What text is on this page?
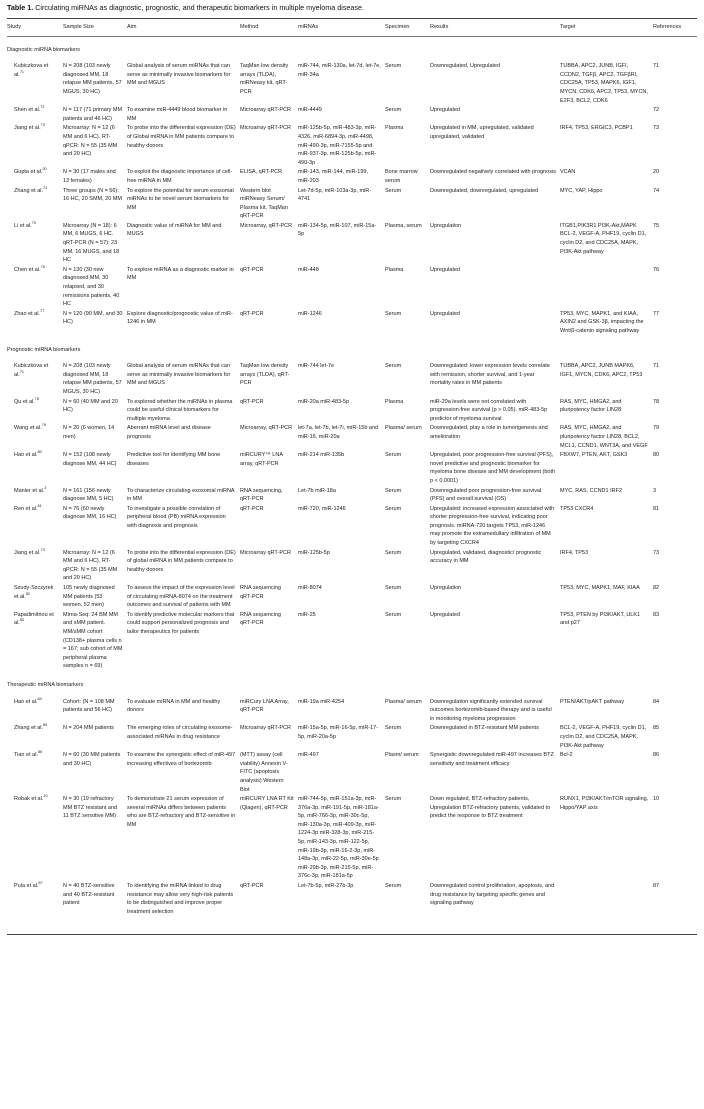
Table 1. Circulating miRNAs as diagnostic, prognostic, and therapeutic biomarkers in multiple myeloma disease.
Study	Sample Size	Aim	Method	miRNAs	Specimen	Results	Target	References
Diagnostic miRNA biomarkers								
Kubiczkova et al.$^{71}$	N = 208 (103 newly diagnosed MM, 18 relapse MM patients, 57 MGUS, 30 HC)	Global analysis of serum miRNAs that can serve as minimally invasive biomarkers for MM and MGUS	TaqMan low density arrays (TLDA), miRNeasy kit, qRT-PCR	miR-744, miR-130a, let-7d, let-7e, miR-34a	Serum	Downregulated, Upregulated	TUBBA, APC2, JUNB, IGFI, CCDN2, TGFβ, APC2, TGFβRI, CDC25A, TP53, MAPK6, IGF1, MYCN, CDK6, APC2, TP53, MYCN, E2F3, BCL2, CDK6	71
Shen et al.$^{72}$	N = 117 (71 primary MM patients and 46 HC)	To examine miR-4449 blood biomarker in MM	Microarray qRT-PCR	miR-4449	Serum	Upregulated		72
Jiang et al.$^{73}$	Microarray: N = 12 (6 MM and 6 HC). RT-qPCR: N = 55 (35 MM and 20 HC)	To probe into the differential expression (DE) of Global miRNA in MM patients compare to healthy donors	Microarray qRT-PCR	miR-125b-5p, miR-483-3p, miR-4326, miR-6894-3p, miR-4498, miR-490-3p, miR-7155-5p and miR-937-3p. miR-125b-5p, miR-490-3p	Plasma	Upregulated in MM, upregulated, validated upregulated, validated	IRF4, TP53, ERGIC3, PCBP1	73
Gupta et al.$^{20}$	N = 30 (17 males and 13 females)	To exploit the diagnostic importance of cell-free miRNA in MM	ELISA, qRT-PCR	miR-143, miR-144, miR-199, miR-203	Bone marrow serum	Downregulated negatively correlated with prognosis	VCAN	20
Zhang et al.$^{74}$	Three groups (N = 56): 16 HC, 20 SMM, 20 MM	To explore the potential for serum exosomal miRNAs to be novel serum biomarkers for MM	Western blot miRNeasy Serum/ Plasma kit, TaqMan qRT-PCR	Let-7d-5p, miR-103a-3p, miR-4741	Serum	Downregulated, downregulated, upregulated	MYC, YAP, Hippo	74
Li et al.$^{75}$	Microarray (N = 18): 6 MM, 6 MUGS, 6 HC. qRT-PCR (N = 57): 23 MM, 16 MUGS, and 18 HC	Diagnostic value of miRNA for MM and MUGS	Microarray, qRT-PCR	miR-134-5p, miR-107, miR-15a-5p	Plasma, serum	Upregulation	ITGB1,PIK3R1 PI3K-Akt,MAPK BCL-2, VEGF-A, PHF19, cyclin D1, cyclin D2, and CDC25A, MAPK, PI3K-Akt pathway	75
Chen et al.$^{76}$	N = 130 (30 new diagnosed MM, 30 relapsed, and 30 remissions patients, 40 HC	To explore miRNA as a diagnostic marker in MM	qRT-PCR	miR-448	Plasma	Upregulated		76
Zhao et al.$^{77}$	N = 120 (90 MM, and 30 HC)	Explore diagnostic/prognostic value of miR-1246 in MM	qRT-PCR	miR-1246	Serum	Upregulated	TP53, MYC, MAPK1, and KIAA, AXIN2 and GSK-3β, impacting the Wnt/β-catenin signaling pathway	77
Prognostic miRNA biomarkers								
Kubiczkova et al.$^{71}$	N = 208 (103 newly diagnosed MM, 18 relapse MM patients, 57 MGUS, 30 HC)	Global analysis of serum miRNAs that can serve as minimally invasive biomarkers for MM and MGUS	TaqMan low density arrays (TLDA), qRT-PCR	miR-744 let-7e	Serum	Downregulated: lower expression levels correlate with remission, shorter survival, and 1-year mortality rates in MM patients	TUBBA, APC2, JUNB MAPK6, IGF1, MYCN, CDK6, APC2, TP53	71
Qu et al.$^{78}$	N = 60 (40 MM and 20 HC)	To explored whether the miRNAs in plasma could be useful clinical biomarkers for multiple myeloma	qRT-PCR	miR-20a miR-483-5p	Plasma	miR-20a levels were not correlated with progression-free survival (p > 0.05). miR-483-5p predictor of myeloma survival	RAS, MYC, HMGA2, and pluripotency factor LIN28	78
Wang et al.$^{79}$	N = 20 (6 women, 14 men)	Aberrant miRNA level and disease prognosis	Microarray, qRT-PCR	let-7a, let-7b, let-7i, miR-15b and miR-16, miR-20a	Plasma/ serum	Downregulated, play a role in tumorigenesis and amelioration	RAS, MYC, HMGA2, and pluripotency factor LIN28, BCL2, MCL1, CCND1, WNT3A, and VEGF	79
Hao et al.$^{80}$	N = 152 (108 newly diagnose MM, 44 HC)	Predictive tool for identifying MM bone diseases	miRCURY™ LNA array, qRT-PCR	miR-214 miR-135b	Serum	Upregulated, poor progression-free survival (PFS), novel predictive and prognostic biomarker for myeloma bone disease and MM development (both p < 0.0001)	FBXW7, PTEN, AKT, GSK3	80
Manier et al.$^3$	N = 161 (156 newly diagnose MM, 5 HC)	To characterize circulating exosomal miRNA in MM	RNA sequencing, qRT-PCR	Let-7b miR-18a	Serum	Downregulated poor progression-free survival (PFS) and overall survival (OS)	MYC, RAS, CCND1 IRF2	3
Ren et al.$^{81}$	N = 76 (60 newly diagnose MM, 16 HC)	To investigate a possible correlation of peripheral blood (PB) miRNA expression with diagnosis and prognosis	qRT-PCR	miR-720, miR-1246	Serum	Upregulated: increased expression associated with shorter progression-free survival, indicating poor prognosis. miRNA-720 targets TP53, miR-1246 may promote the extramedullary infiltration of MM by targeting CXCR4	TP53 CXCR4	81
Jiang et al.$^{73}$	Microarray: N = 12 (6 MM and 6 HC), RT-qPCR: N = 55 (35 MM and 20 HC)	To probe into the differential expression (DE) of global miRNA in MM patients compare to healthy donors	Microarray qRT-PCR	miR-125b-5p	Serum	Upregulated, validated, diagnostic/ prognostic accuracy in MM	IRF4, TP53	73
Szudy-Szczyrek et al.$^{82}$	105 newly diagnosed MM patients (53 women, 52 men)	To assess the impact of the expression level of circulating miRNA-8074 on the treatment outcomes and survival of patients with MM	RNA sequencing qRT-PCR	miR-8074	Serum	Upregulation	TP53, MYC, MAPK1, MAF, KIAA	82
Papadimitriou et al.$^{83}$	Mirna-Seq: 24 BM MM and sMM patient. MM/sMM cohort (CD138+ plasma cells n = 167; sub cohort of MM peripheral plasma samples n = 69)	To identify predictive molecular markers that could support personalized prognosis and tailor therapeutics for patients	RNA sequencing qRT-PCR	miR-25	Serum	Upregulated	TP53, PTEN by PI3K/AKT, ULK1 and p27	83
Therapeutic miRNA biomarkers								
Hao et al.$^{84}$	Cohort: (N = 108 MM patients and 56 HC)	To evaluate miRNA in MM and healthy donors	miRCury LNA Array, qRT-PCR	miR-19a miR-4254	Plasma/ serum	Downregulation significantly extended survival outcomes bortezomib-based therapy and is useful in monitoring myeloma progression	PTEN/AKT/pAKT pathway	84
Zhang et al.$^{85}$	N = 204 MM patients	The emerging roles of circulating exosome-associated miRNAs in drug resistance	Microarray qRT-PCR	miR-15a-5p, miR-16-5p, miR-17-5p, miR-20a-5p	Serum	Downregulated in BTZ-resistant MM patients	BCL-2, VEGF-A, PHF19, cyclin D1, cyclin D2, and CDC25A, MAPK, PI3K-Akt pathway	85
Tian et al.$^{86}$	N = 60 (30 MM patients and 30 HC)	To examine the synergistic effect of miR-497 increasing effectives of bortezomib	(MTT) assay (cell viability) Annexin V-FITC (apoptosis analysis) Western Blot	miR-497	Plasm/ serum	Synergistic downregulated miR-497 increases BTZ sensitivity and treatment efficacy	Bcl-2	86
Robak et al.$^{10}$	N = 30 (19 refractory MM BTZ resistant and 11 BTZ sensitive MM)	To demonstrate 21 serum expression of several miRNAs differs between patients who are BTZ-refractory and BTZ-sensitive in MM	miRCURY LNA RT Kit (Qiagen), qRT-PCR	miR-744-5p, miR-151a-3p, miR-376a-3p, miR-191-5p, miR-181a-5p, miR-766-3p, miR-30c-5p, miR-130a-3p, miR-409-3p, miR-1224-3p miR-328-3p, miR-215-5p, miR-143-3p, miR-122-5p, miR-19b-3p, miR-16-2-3p, miR-148a-3p, miR-22-5p, miR-30e-5p miR-29b-3p, miR-215-5p, miR-376c-3p, miR-181a-5p	Serum	Down regulated, BTZ-refractory patients, Upregulation BTZ-refractory patients, validated to predict the response to BTZ treatment	RUNX1, PI3K/AKT/mTOR signaling, Hippo/YAP axis	10
Pula et al.$^{87}$	N = 40 BTZ-sensitive and 40 BTZ-resistant patient	To identifying the miRNA linked to drug resistance may allow very high-risk patients to be distinguished and improve proper treatment selection	qRT-PCR	Let-7b-5p, miR-27b-3p	Serum	Downregulated control proliferation, apoptosis, and drug resistance by targeting specific genes and signaling pathway		87
